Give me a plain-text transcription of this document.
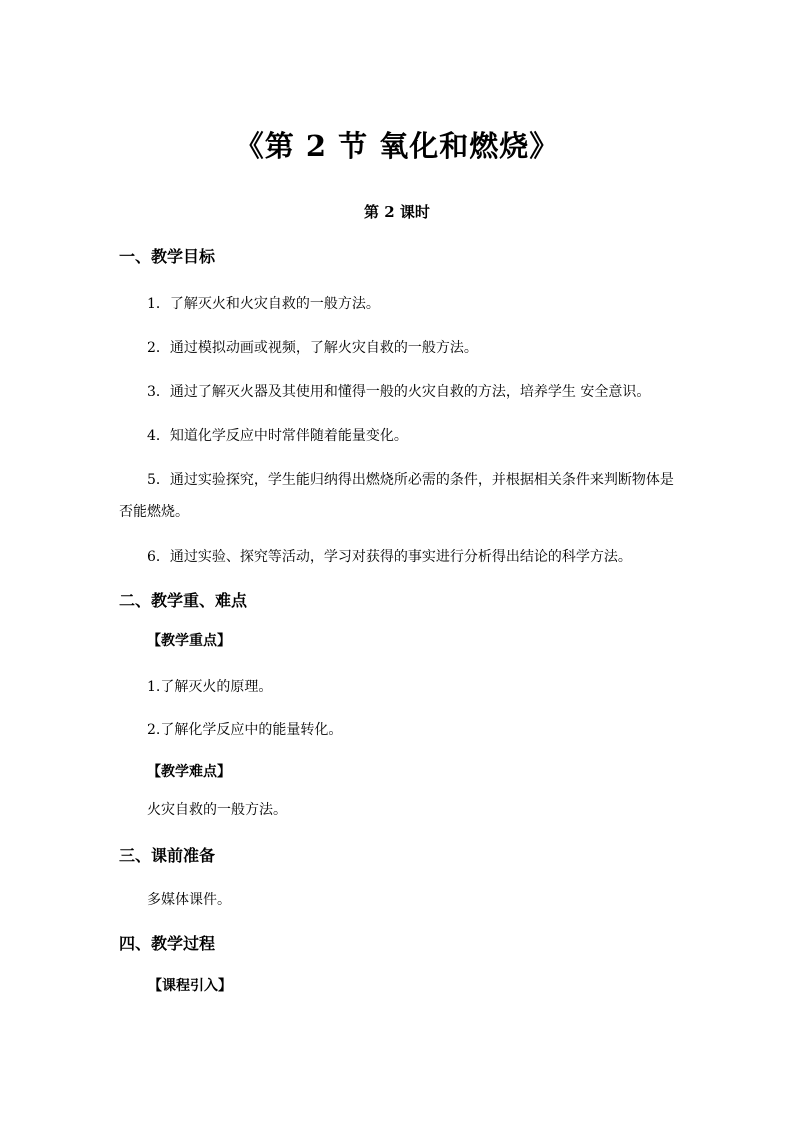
《第 2 节 氧化和燃烧》
第 2 课时
一、教学目标
1．了解灭火和火灾自救的一般方法。
2．通过模拟动画或视频，了解火灾自救的一般方法。
3．通过了解灭火器及其使用和懂得一般的火灾自救的方法，培养学生 安全意识。
4．知道化学反应中时常伴随着能量变化。
5．通过实验探究，学生能归纳得出燃烧所必需的条件，并根据相关条件来判断物体是
否能燃烧。
6．通过实验、探究等活动，学习对获得的事实进行分析得出结论的科学方法。
二、教学重、难点
【教学重点】
1.了解灭火的原理。
2.了解化学反应中的能量转化。
【教学难点】
火灾自救的一般方法。
三、课前准备
多媒体课件。
四、教学过程
【课程引入】
